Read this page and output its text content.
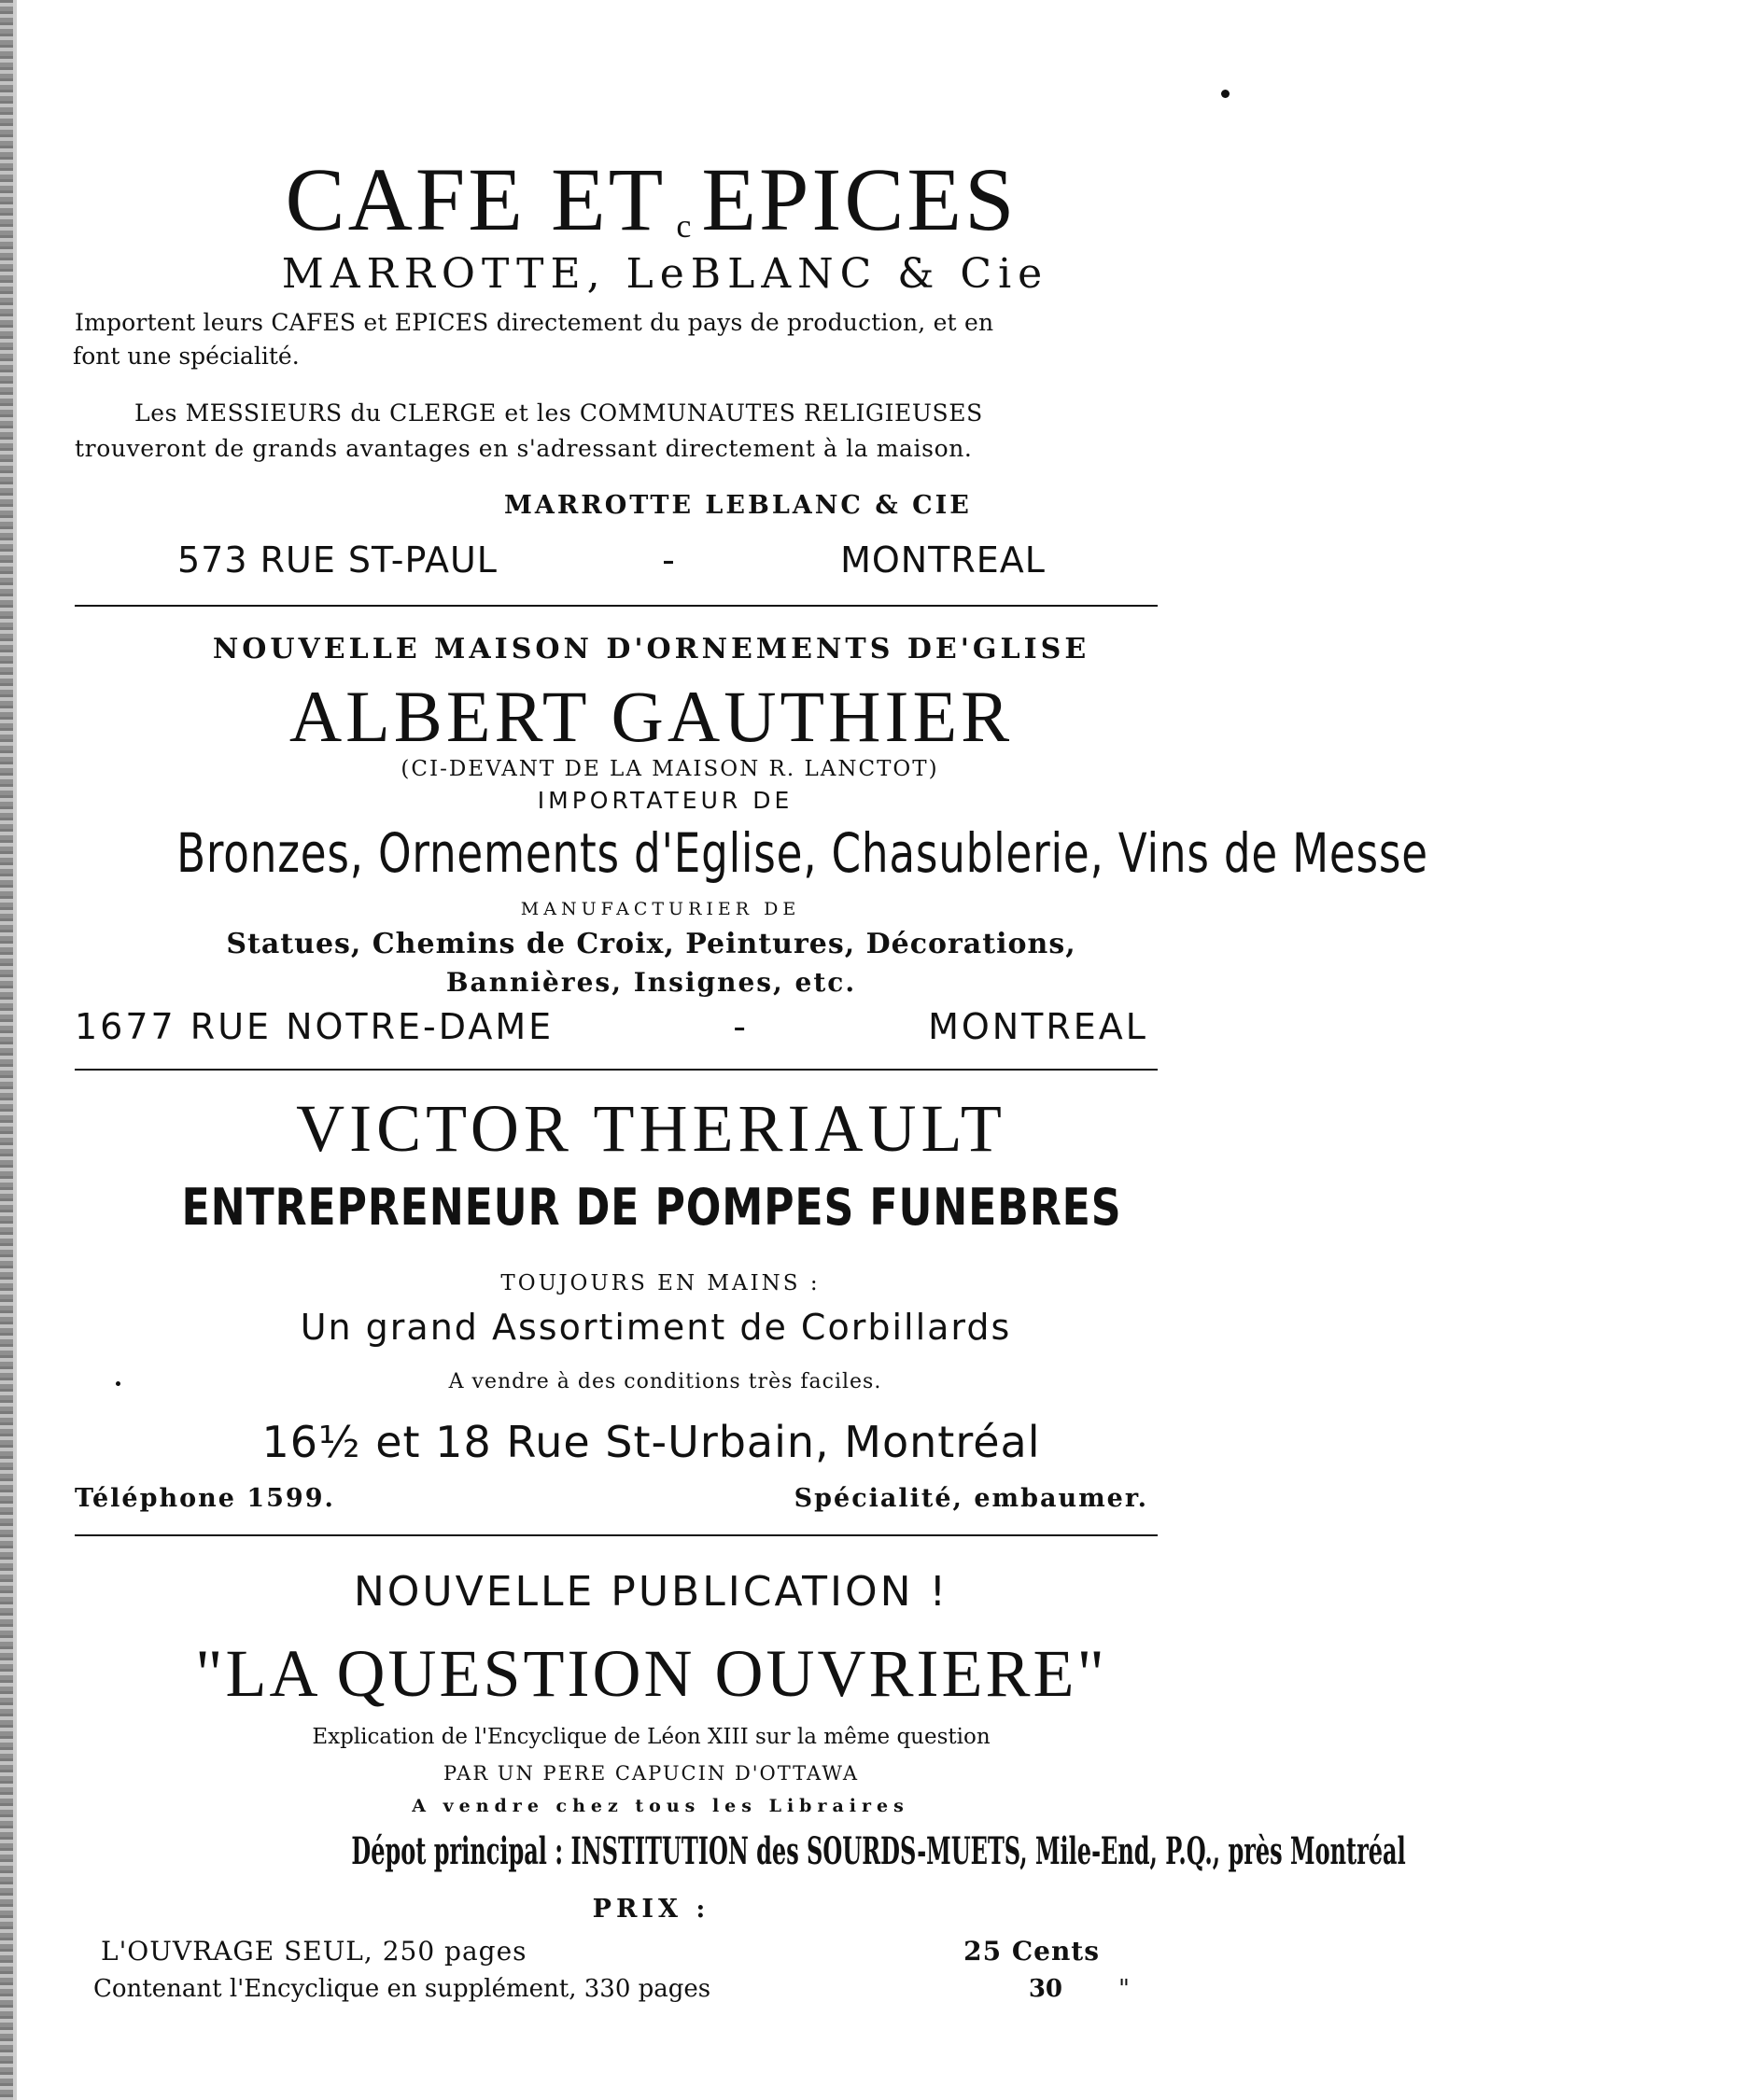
CAFE ET c EPICES
MARROTTE, LeBLANC & Cie
Importent leurs CAFES et EPICES directement du pays de production, et en
font une spécialité.
Les MESSIEURS du CLERGE et les COMMUNAUTES RELIGIEUSES
trouveront de grands avantages en s'adressant directement à la maison.
MARROTTE LEBLANC & CIE
573 RUE ST-PAUL	-	MONTREAL
NOUVELLE MAISON D'ORNEMENTS DE'GLISE
ALBERT GAUTHIER
(CI-DEVANT DE LA MAISON R. LANCTOT)
IMPORTATEUR DE
Bronzes, Ornements d'Eglise, Chasublerie, Vins de Messe
MANUFACTURIER DE
Statues, Chemins de Croix, Peintures, Décorations,
Bannières, Insignes, etc.
1677 RUE NOTRE-DAME	-	MONTREAL
VICTOR THERIAULT
ENTREPRENEUR DE POMPES FUNEBRES
TOUJOURS EN MAINS :
Un grand Assortiment de Corbillards
A vendre à des conditions très faciles.
16½ et 18 Rue St-Urbain, Montréal
Téléphone 1599.	Spécialité, embaumer.
NOUVELLE PUBLICATION !
"LA QUESTION OUVRIERE"
Explication de l'Encyclique de Léon XIII sur la même question
PAR UN PERE CAPUCIN D'OTTAWA
A vendre chez tous les Libraires
Dépot principal : INSTITUTION des SOURDS-MUETS, Mile-End, P.Q., près Montréal
PRIX :
L'OUVRAGE SEUL, 250 pages	25 Cents
Contenant l'Encyclique en supplément, 330 pages	30 "
